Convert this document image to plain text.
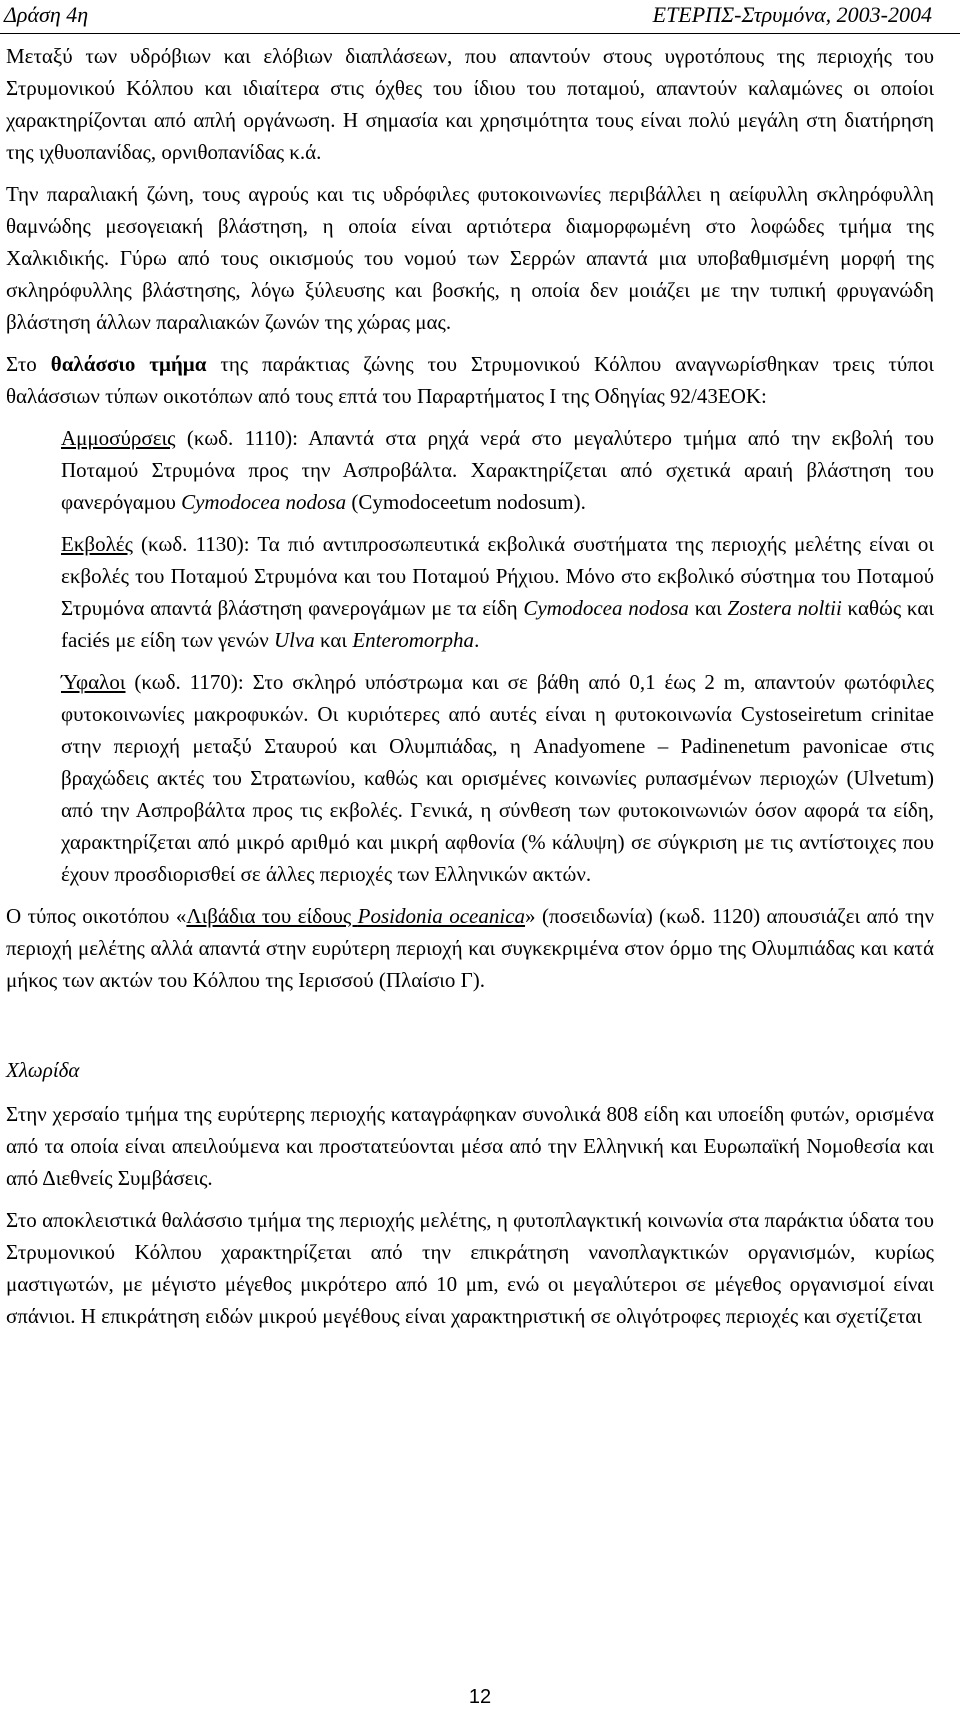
Δράση 4η	ΕΤΕΡΠΣ-Στρυμόνα, 2003-2004

Μεταξύ των υδρόβιων και ελόβιων διαπλάσεων, που απαντούν στους υγροτόπους της περιοχής του Στρυμονικού Κόλπου και ιδιαίτερα στις όχθες του ίδιου του ποταμού, απαντούν καλαμώνες οι οποίοι χαρακτηρίζονται από απλή οργάνωση. Η σημασία και χρησιμότητα τους είναι πολύ μεγάλη στη διατήρηση της ιχθυοπανίδας, ορνιθοπανίδας κ.ά.

Την παραλιακή ζώνη, τους αγρούς και τις υδρόφιλες φυτοκοινωνίες περιβάλλει η αείφυλλη σκληρόφυλλη θαμνώδης μεσογειακή βλάστηση, η οποία είναι αρτιότερα διαμορφωμένη στο λοφώδες τμήμα της Χαλκιδικής. Γύρω από τους οικισμούς του νομού των Σερρών απαντά μια υποβαθμισμένη μορφή της σκληρόφυλλης βλάστησης, λόγω ξύλευσης και βοσκής, η οποία δεν μοιάζει με την τυπική φρυγανώδη βλάστηση άλλων παραλιακών ζωνών της χώρας μας.

Στο θαλάσσιο τμήμα της παράκτιας ζώνης του Στρυμονικού Κόλπου αναγνωρίσθηκαν τρεις τύποι θαλάσσιων τύπων οικοτόπων από τους επτά του Παραρτήματος Ι της Οδηγίας 92/43ΕΟΚ:

Αμμοσύρσεις (κωδ. 1110): Απαντά στα ρηχά νερά στο μεγαλύτερο τμήμα από την εκβολή του Ποταμού Στρυμόνα προς την Ασπροβάλτα. Χαρακτηρίζεται από σχετικά αραιή βλάστηση του φανερόγαμου Cymodocea nodosa (Cymodoceetum nodosum).

Εκβολές (κωδ. 1130): Τα πιό αντιπροσωπευτικά εκβολικά συστήματα της περιοχής μελέτης είναι οι εκβολές του Ποταμού Στρυμόνα και του Ποταμού Ρήχιου. Μόνο στο εκβολικό σύστημα του Ποταμού Στρυμόνα απαντά βλάστηση φανερογάμων με τα είδη Cymodocea nodosa και Zostera noltii καθώς και faciés με είδη των γενών Ulva και Enteromorpha.

Ύφαλοι (κωδ. 1170): Στο σκληρό υπόστρωμα και σε βάθη από 0,1 έως 2 m, απαντούν φωτόφιλες φυτοκοινωνίες μακροφυκών. Οι κυριότερες από αυτές είναι η φυτοκοινωνία Cystoseiretum crinitae στην περιοχή μεταξύ Σταυρού και Ολυμπιάδας, η Anadyomene – Padinenetum pavonicae στις βραχώδεις ακτές του Στρατωνίου, καθώς και ορισμένες κοινωνίες ρυπασμένων περιοχών (Ulvetum) από την Ασπροβάλτα προς τις εκβολές. Γενικά, η σύνθεση των φυτοκοινωνιών όσον αφορά τα είδη, χαρακτηρίζεται από μικρό αριθμό και μικρή αφθονία (% κάλυψη) σε σύγκριση με τις αντίστοιχες που έχουν προσδιορισθεί σε άλλες περιοχές των Ελληνικών ακτών.

Ο τύπος οικοτόπου «Λιβάδια του είδους Posidonia oceanica» (ποσειδωνία) (κωδ. 1120) απουσιάζει από την περιοχή μελέτης αλλά απαντά στην ευρύτερη περιοχή και συγκεκριμένα στον όρμο της Ολυμπιάδας και κατά μήκος των ακτών του Κόλπου της Ιερισσού (Πλαίσιο Γ).

Χλωρίδα

Στην χερσαίο τμήμα της ευρύτερης περιοχής καταγράφηκαν συνολικά 808 είδη και υποείδη φυτών, ορισμένα από τα οποία είναι απειλούμενα και προστατεύονται μέσα από την Ελληνική και Ευρωπαϊκή Νομοθεσία και από Διεθνείς Συμβάσεις.

Στο αποκλειστικά θαλάσσιο τμήμα της περιοχής μελέτης, η φυτοπλαγκτική κοινωνία στα παράκτια ύδατα του Στρυμονικού Κόλπου χαρακτηρίζεται από την επικράτηση νανοπλαγκτικών οργανισμών, κυρίως μαστιγωτών, με μέγιστο μέγεθος μικρότερο από 10 μm, ενώ οι μεγαλύτεροι σε μέγεθος οργανισμοί είναι σπάνιοι. Η επικράτηση ειδών μικρού μεγέθους είναι χαρακτηριστική σε ολιγότροφες περιοχές και σχετίζεται

12
